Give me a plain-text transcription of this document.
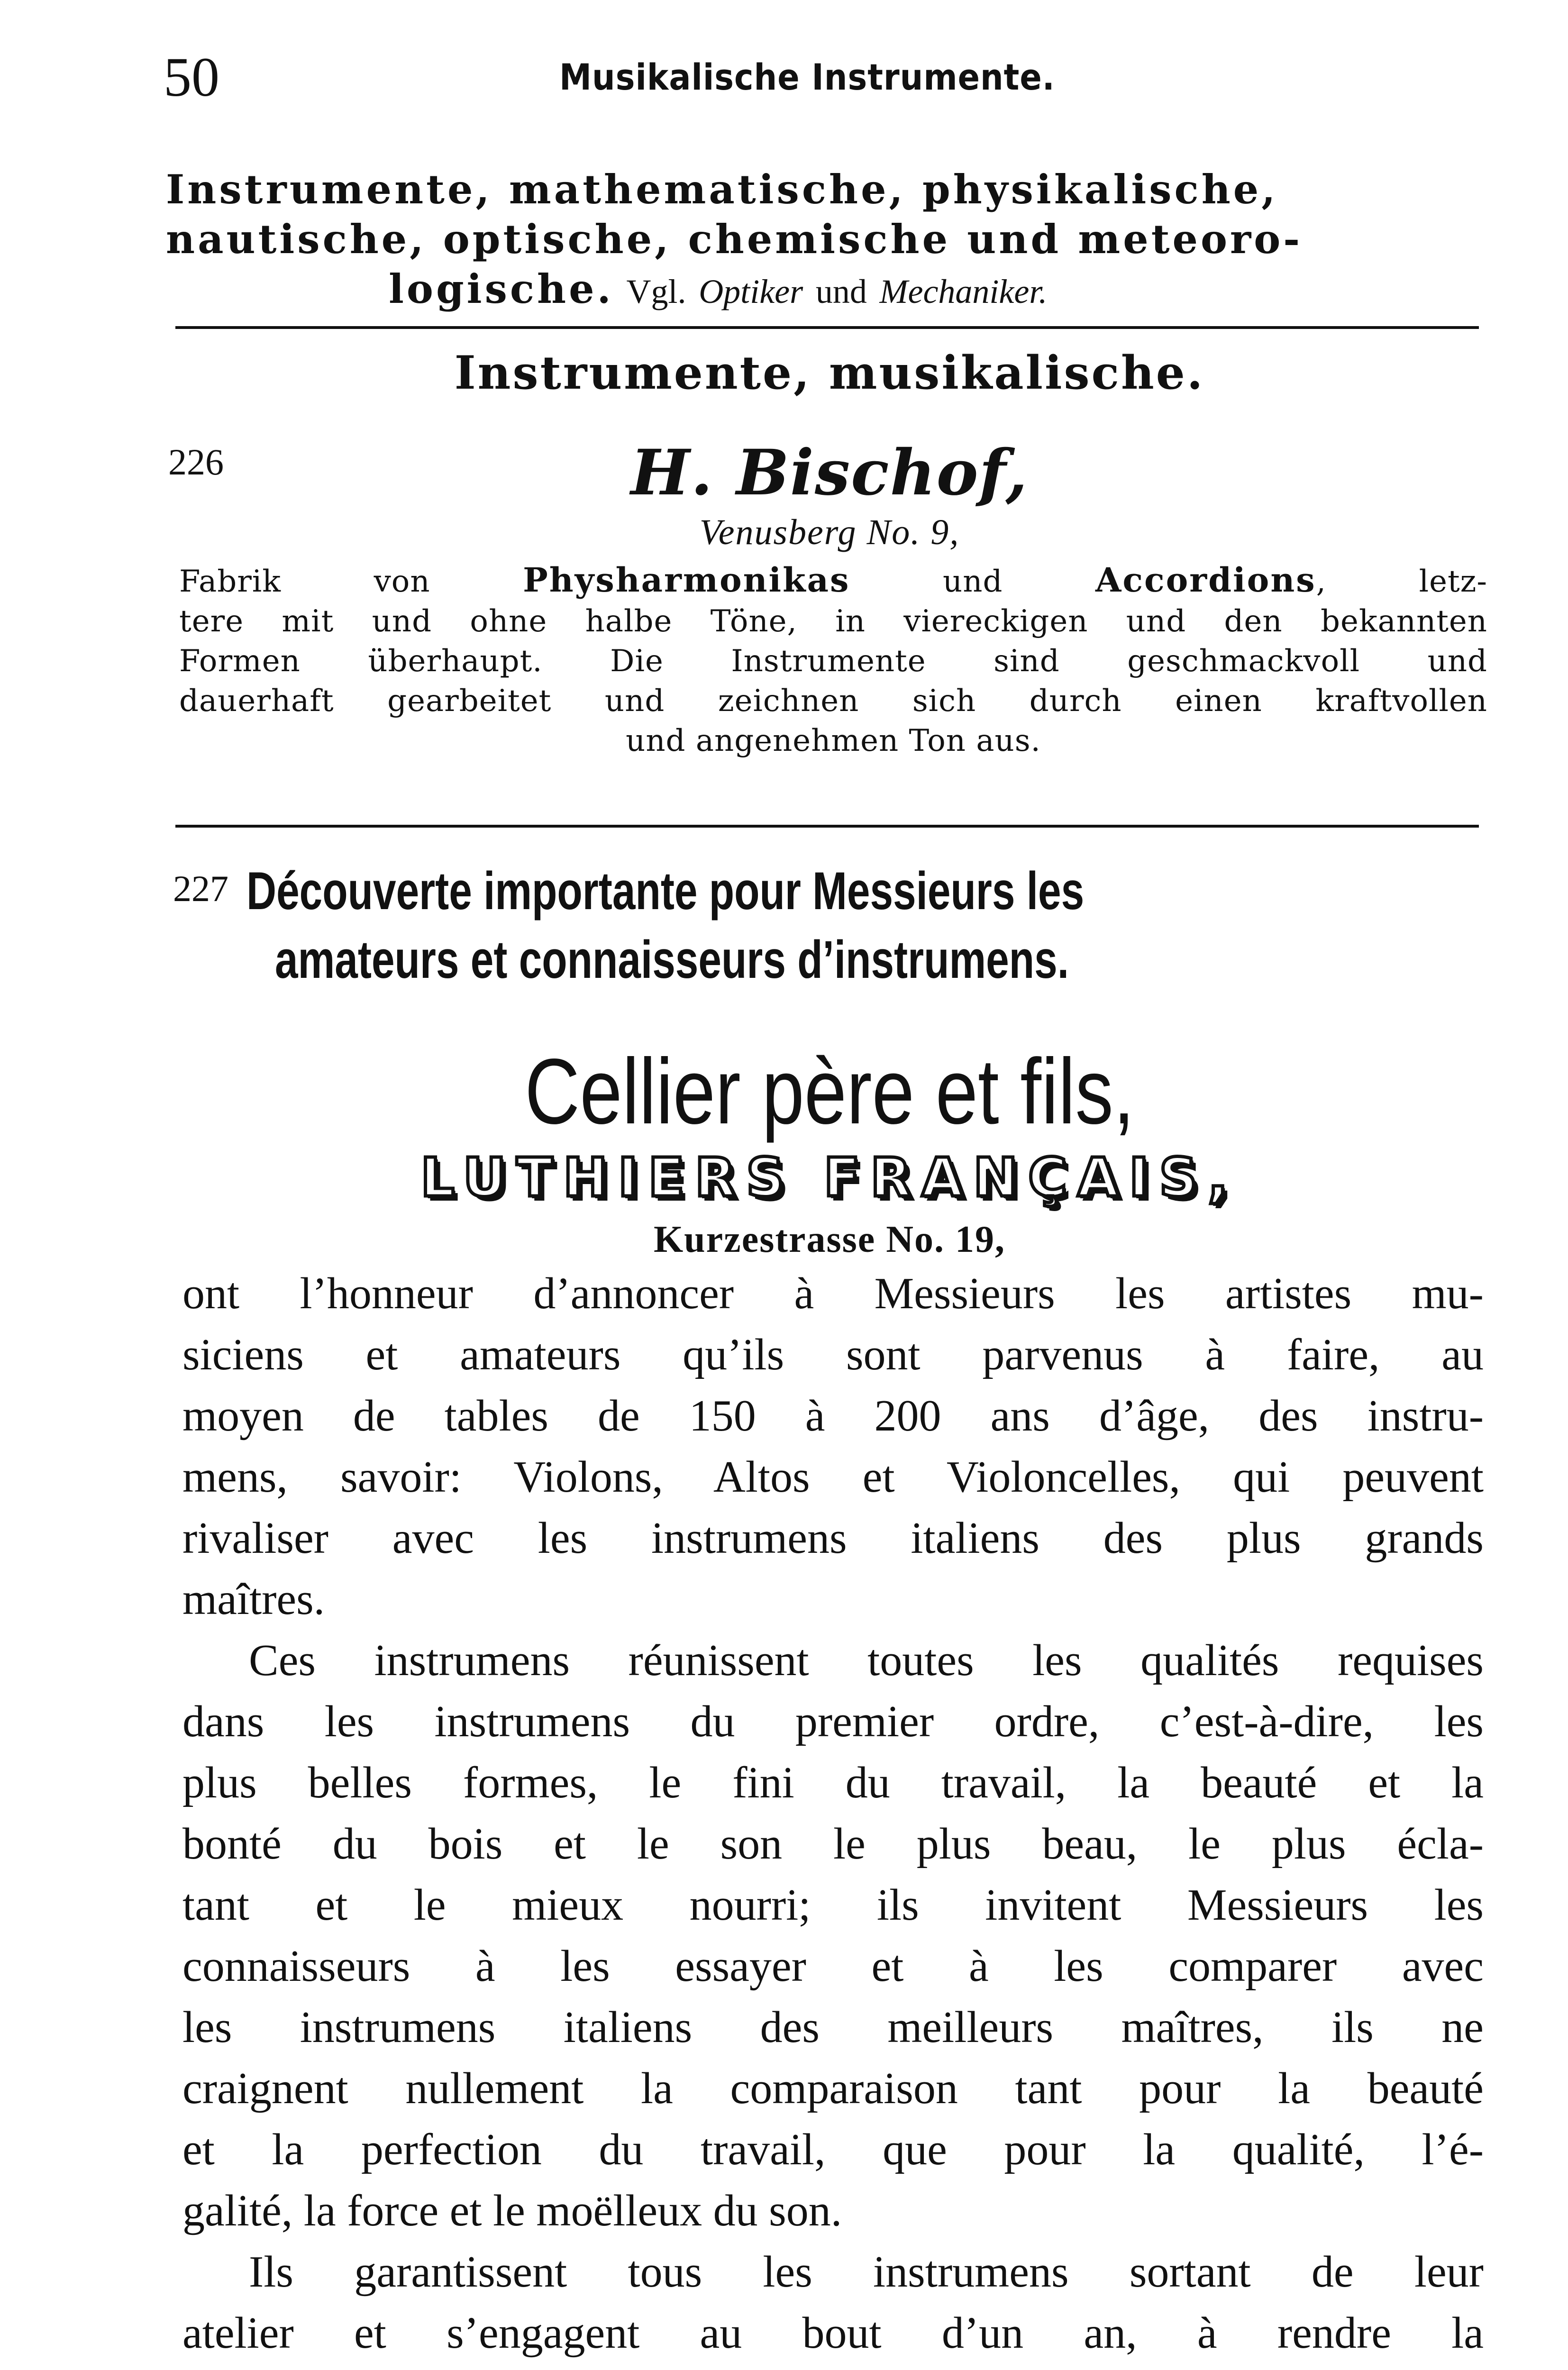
50	Musikalische Instrumente.
Instrumente, mathematische, physikalische,
nautische, optische, chemische und meteoro-
logische. Vgl. Optiker und Mechaniker.
Instrumente, musikalische.
226	H. Bischof,
Venusberg No. 9,
Fabrik von Physharmonikas und Accordions, letz-
tere mit und ohne halbe Töne, in viereckigen und den bekannten
Formen überhaupt. Die Instrumente sind geschmackvoll und
dauerhaft gearbeitet und zeichnen sich durch einen kraftvollen
und angenehmen Ton aus.
227 Découverte importante pour Messieurs les
amateurs et connaisseurs d’instrumens.
Cellier père et fils,
LUTHIERS FRANÇAIS,
Kurzestrasse No. 19,
ont l’honneur d’annoncer à Messieurs les artistes mu-
siciens et amateurs qu’ils sont parvenus à faire, au
moyen de tables de 150 à 200 ans d’âge, des instru-
mens, savoir: Violons, Altos et Violoncelles, qui peuvent
rivaliser avec les instrumens italiens des plus grands
maîtres.
Ces instrumens réunissent toutes les qualités requises
dans les instrumens du premier ordre, c’est-à-dire, les
plus belles formes, le fini du travail, la beauté et la
bonté du bois et le son le plus beau, le plus écla-
tant et le mieux nourri; ils invitent Messieurs les
connaisseurs à les essayer et à les comparer avec
les instrumens italiens des meilleurs maîtres, ils ne
craignent nullement la comparaison tant pour la beauté
et la perfection du travail, que pour la qualité, l’é-
galité, la force et le moëlleux du son.
Ils garantissent tous les instrumens sortant de leur
atelier et s’engagent au bout d’un an, à rendre la
